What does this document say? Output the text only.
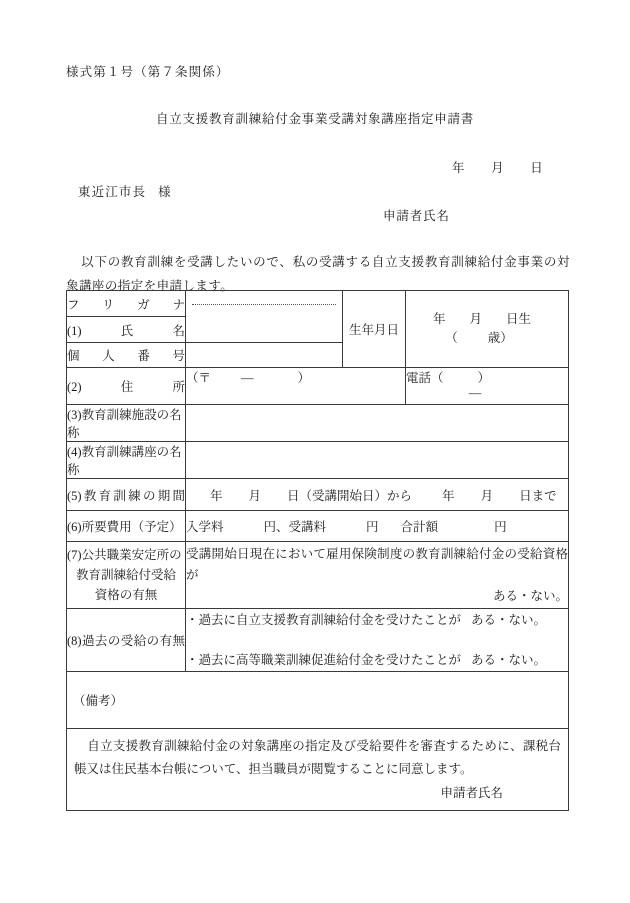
様式第１号（第７条関係）
自立支援教育訓練給付金事業受講対象講座指定申請書
年 月 日
東近江市長 様
申請者氏名
以下の教育訓練を受講したいので、私の受講する自立支援教育訓練給付金事業の対象講座の指定を申請します。
フリガナ		生年月日	年 月 日生
（ 歳）

(1)氏名			
個　人　番　号			
(2)住所	（〒 — ）		電話（ ）
—

(3)教育訓練施設の名称			
(4)教育訓練講座の名称			
(5)教育訓練の期間	年 月 日（受講開始日）から 年 月 日まで		
(6)所要費用（予定）	入学料 円、受講料 円 合計額 円		

(7)公共職業安定所の
教育訓練給付受給
資格の有無	受講開始日現在において雇用保険制度の教育訓練給付金の受給資格が
ある・ない。		

(8)過去の受給の有無	・過去に自立支援教育訓練給付金を受けたことが ある・ない。
・過去に高等職業訓練促進給付金を受けたことが ある・ない。		

（備考）			

自立支援教育訓練給付金の対象講座の指定及び受給要件を審査するために、課税台帳又は住民基本台帳について、担当職員が閲覧することに同意します。
申請者氏名			
